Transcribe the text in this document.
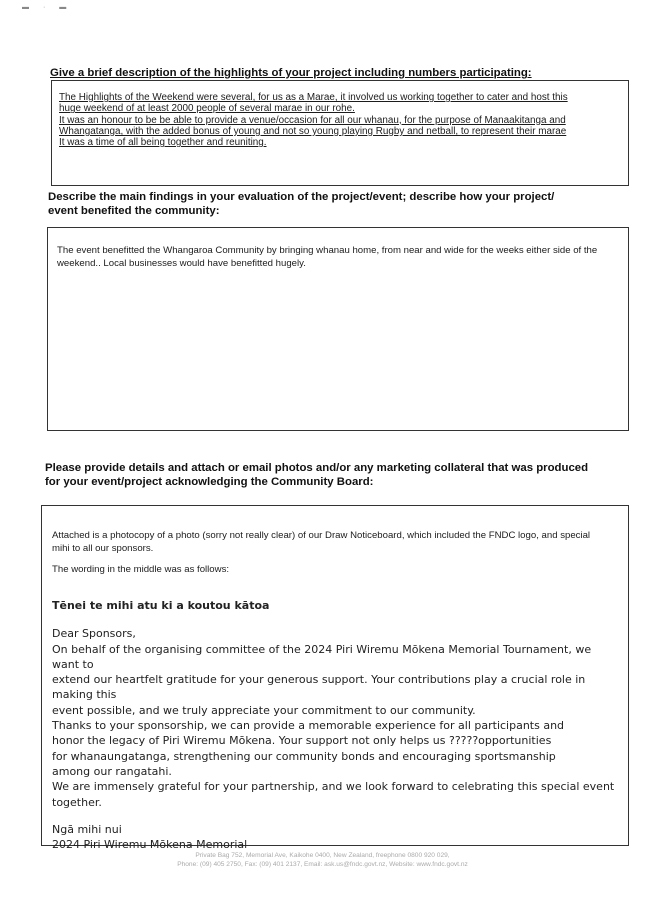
▬ · ▬
Give a brief description of the highlights of your project including numbers participating:

The Highlights of the Weekend were several, for us as a Marae, it involved us working together to cater and host this

huge weekend of at least 2000 people of several marae in our rohe.

It was an honour to be be able to provide a venue/occasion for all our whanau, for the purpose of Manaakitanga and

Whangatanga, with the added bonus of young and not so young playing Rugby and netball, to represent their marae

It was a time of all being together and reuniting.

Describe the main findings in your evaluation of the project/event; describe how your project/
event benefited the community:

The event benefitted the Whangaroa Community by bringing whanau home, from near and wide for the weeks either side of the weekend.. Local businesses would have benefitted hugely.

Please provide details and attach or email photos and/or any marketing collateral that was produced
for your event/project acknowledging the Community Board:

Attached is a photocopy of a photo (sorry not really clear) of our Draw Noticeboard, which included the FNDC logo, and special mihi to all our sponsors.

The wording in the middle was as follows:

Tēnei te mihi atu ki a koutou kātoa

Dear Sponsors,

On behalf of the organising committee of the 2024 Piri Wiremu Mōkena Memorial Tournament, we want to

extend our heartfelt gratitude for your generous support. Your contributions play a crucial role in making this

event possible, and we truly appreciate your commitment to our community.

Thanks to your sponsorship, we can provide a memorable experience for all participants and

honor the legacy of Piri Wiremu Mōkena. Your support not only helps us ?????opportunities

for whanaungatanga, strengthening our community bonds and encouraging sportsmanship

among our rangatahi.

We are immensely grateful for your partnership, and we look forward to celebrating this special event

together.

Ngā mihi nui

2024 Piri Wiremu Mōkena Memorial

Private Bag 752, Memorial Ave, Kaikohe 0400, New Zealand, freephone 0800 920 029,
Phone: (09) 405 2750, Fax: (09) 401 2137, Email: ask.us@fndc.govt.nz, Website: www.fndc.govt.nz
